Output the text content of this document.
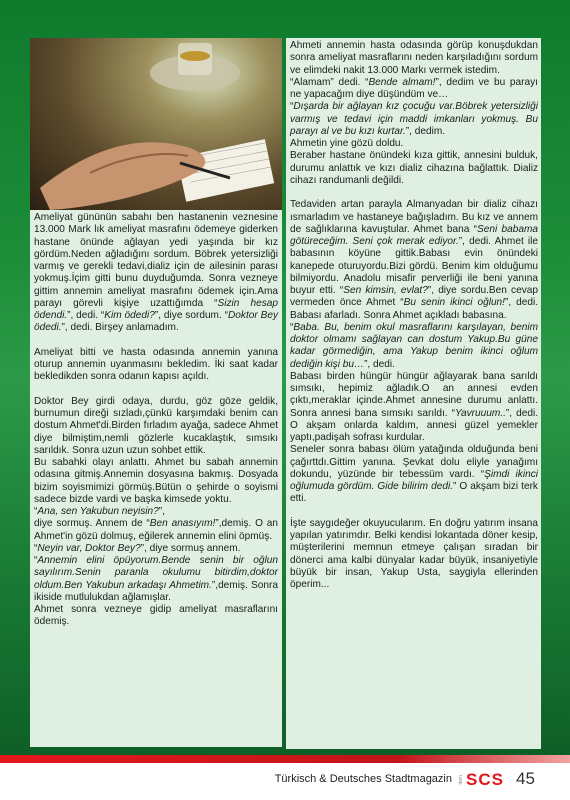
Ameliyat gününün sabahı ben hastanenin veznesine 13.000 Mark lık ameliyat masrafını ödemeye giderken hastane önünde ağlayan yedi yaşında bir kız gördüm.Neden ağladığını sordum. Böbrek yetersizliği varmış ve gerekli tedavi,dializ için de ailesinin parası yokmuş.İçim gitti bunu duyduğumda. Sonra vezneye gittim annemin ameliyat masrafını ödemek için.Ama parayı görevli kişiye uzattığımda “Sizin hesap ödendi.”, dedi. “Kim ödedi?”, diye sordum. “Doktor Bey ödedi.”, dedi. Birşey anlamadım.

Ameliyat bitti ve hasta odasında annemin yanına oturup annemin uyanmasını bekledim. İki saat kadar bekledikden sonra odanın kapısı açıldı.

Doktor Bey girdi odaya, durdu, göz göze geldik, burnumun direği sızladı,çünkü karşımdaki benim can dostum Ahmet'di.Birden fırladım ayağa, sadece Ahmet diye bilmiştim,nemli gözlerle kucaklaştık, sımsıkı sarıldık. Sonra uzun uzun sohbet ettik.
Bu sabahki olayı anlattı. Ahmet bu sabah annemin odasına gitmiş.Annemin dosyasına bakmış. Dosyada bizim soyismimizi görmüş.Bütün o şehirde o soyismi sadece bizde vardi ve başka kimsede yoktu.
“Ana, sen Yakubun neyisin?”,
diye sormuş. Annem de “Ben anasıyım!”,demiş. O an Ahmet'in gözü dolmuş, eğilerek annemin elini öpmüş.
“Neyin var, Doktor Bey?”, diye sormuş annem.
“Annemin elini öpüyorum.Bende senin bir oğlun sayılırım.Senin paranla okulumu bitirdim,doktor oldum.Ben Yakubun arkadaşı Ahmetim.”,demiş. Sonra ikiside mutlulukdan ağlamışlar.
Ahmet sonra vezneye gidip ameliyat masraflarını ödemiş.

Ahmeti annemin hasta odasında görüp konuşdukdan sonra ameliyat masraflarını neden karşıladığını sordum ve elimdeki nakit 13.000 Markı vermek istedim.
“Alamam” dedi. “Bende almam!”, dedim ve bu parayı ne yapacağım diye düşündüm ve…
“Dışarda bir ağlayan kız çocuğu var.Böbrek yetersizliği varmış ve tedavi için maddi imkanları yokmuş. Bu parayı al ve bu kızı kurtar.”, dedim.
Ahmetin yine gözü doldu.
Beraber hastane önündeki kıza gittik, annesini bulduk, durumu anlattık ve kızı dializ cihazına bağlattık. Dializ cihazı randumanli değildi.

Tedaviden artan parayla Almanyadan bir dializ cihazı ısmarladım ve hastaneye bağışladım. Bu kız ve annem de sağlıklarına kavuştular. Ahmet bana “Seni babama götüreceğim. Seni çok merak ediyor.”, dedi. Ahmet ile babasının köyüne gittik.Babası evin önündeki kanepede oturuyordu.Bizi gördü. Benim kim olduğumu bilmiyordu. Anadolu misafir perverliği ile beni yanına buyur etti. “Sen kimsin, evlat?”, diye sordu.Ben cevap vermeden önce Ahmet “Bu senin ikinci oğlun!”, dedi. Babası afarladı. Sonra Ahmet açıkladı babasına.
“Baba. Bu, benim okul masraflarını karşılayan, benim doktor olmamı sağlayan can dostum Yakup.Bu güne kadar görmediğin, ama Yakup benim ikinci oğlum dediğin kişi bu…”, dedi.
Babası birden hüngür hüngür ağlayarak bana sarıldı sımsıkı, hepimiz ağladık.O an annesi evden çıktı,meraklar içinde.Ahmet annesine durumu anlattı. Sonra annesi bana sımsıkı sarıldı. “Yavruuum..”, dedi. O akşam onlarda kaldım, annesi güzel yemekler yaptı,padişah sofrası kurdular.
Seneler sonra babası ölüm yatağında olduğunda beni çağırttdı.Gittim yanına. Şevkat dolu eliyle yanağımı dokundu, yüzünde bir tebessüm vardı. “Şimdi ikinci oğlumuda gördüm. Gide bilirim dedi.” O akşam bizi terk etti.

İşte saygıdeğer okuyucularım. En doğru yatırım insana yapılan yatırımdır. Belki kendisi lokantada döner kesip, müşterilerini memnun etmeye çalışan sıradan bir dönerci ama kalbi dünyalar kadar büyük, insaniyetiyle büyük bir insan, Yakup Usta, saygiyla ellerinden öperim...

Türkisch & Deutsches Stadtmagazin dein SCS 45
